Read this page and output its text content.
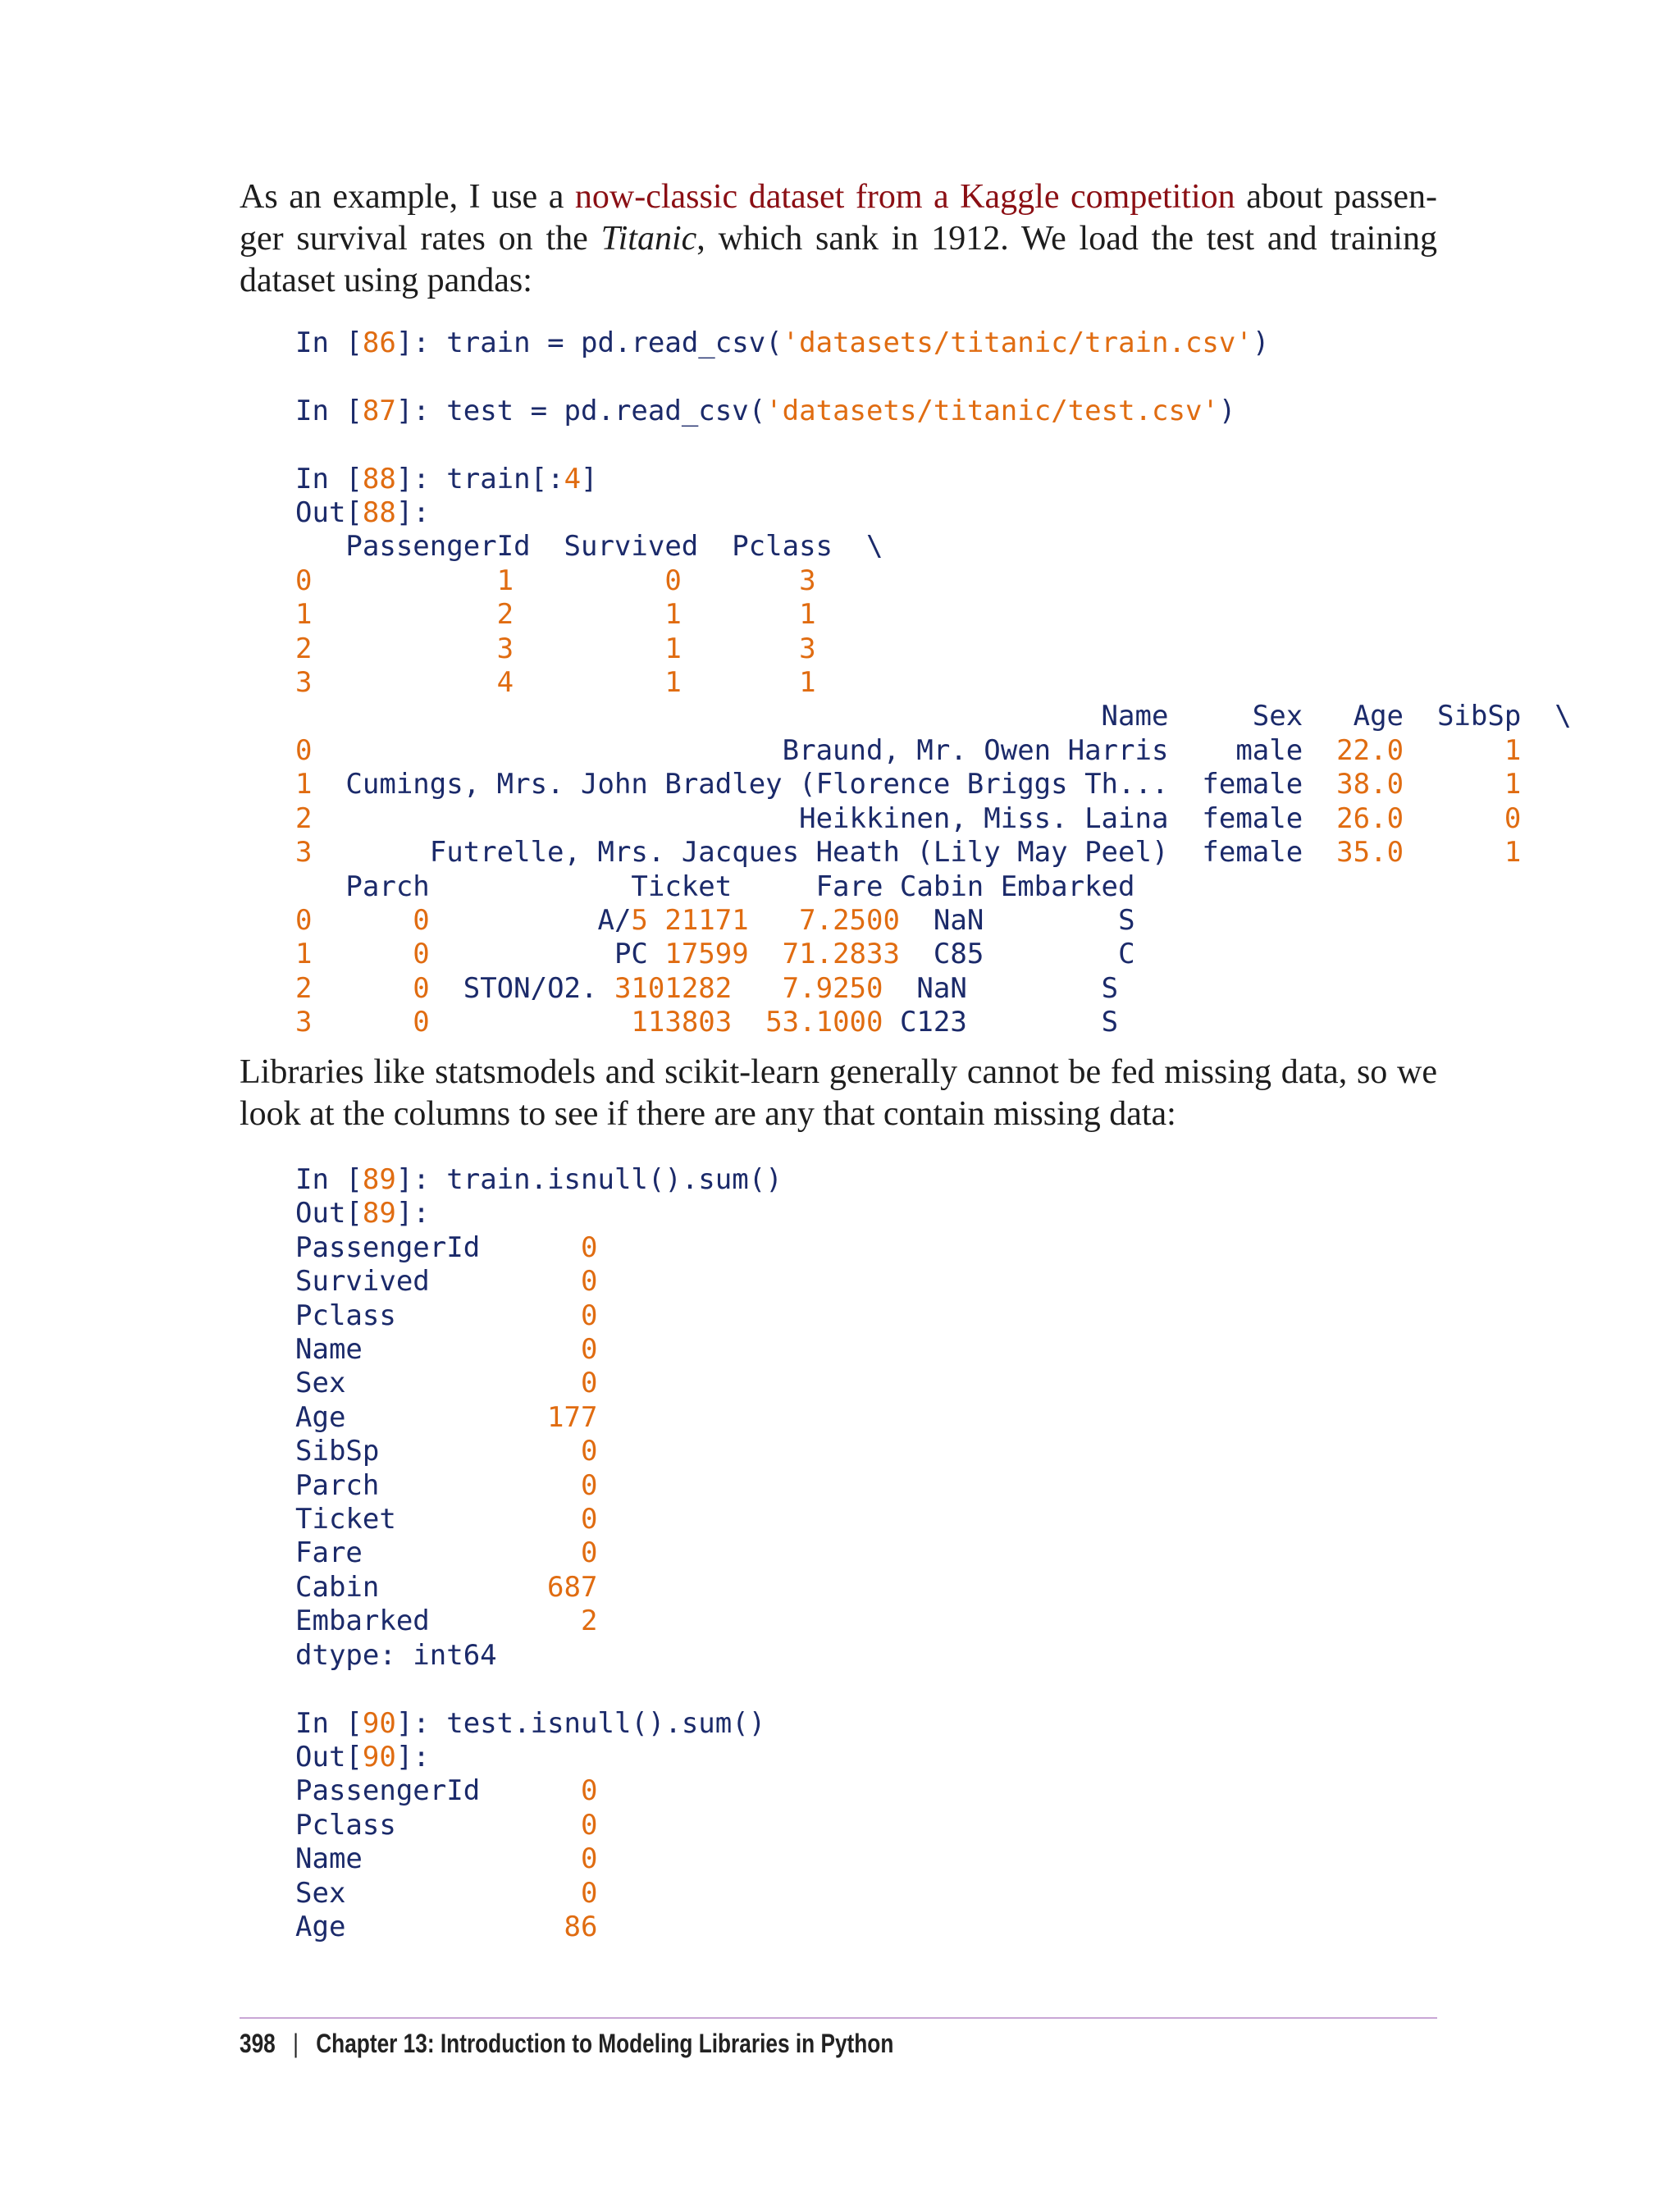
As an example, I use a now-classic dataset from a Kaggle competition about passen-
ger survival rates on the Titanic, which sank in 1912. We load the test and training
dataset using pandas:

In [86]: train = pd.read_csv('datasets/titanic/train.csv')

In [87]: test = pd.read_csv('datasets/titanic/test.csv')

In [88]: train[:4]
Out[88]:
PassengerId  Survived  Pclass  \
0           1         0       3
1           2         1       1
2           3         1       3
3           4         1       1
Name     Sex   Age  SibSp  \
0                            Braund, Mr. Owen Harris    male  22.0      1
1  Cumings, Mrs. John Bradley (Florence Briggs Th...  female  38.0      1
2                             Heikkinen, Miss. Laina  female  26.0      0
3       Futrelle, Mrs. Jacques Heath (Lily May Peel)  female  35.0      1
Parch            Ticket     Fare Cabin Embarked
0      0          A/5 21171   7.2500  NaN        S
1      0           PC 17599  71.2833  C85        C
2      0  STON/O2. 3101282   7.9250  NaN        S
3      0	113803  53.1000 C123        S

Libraries like statsmodels and scikit-learn generally cannot be fed missing data, so we
look at the columns to see if there are any that contain missing data:

In [89]: train.isnull().sum()
Out[89]:
PassengerId      0
Survived         0
Pclass           0
Name             0
Sex              0
Age            177
SibSp            0
Parch            0
Ticket           0
Fare             0
Cabin          687
Embarked         2
dtype: int64

In [90]: test.isnull().sum()
Out[90]:
PassengerId      0
Pclass           0
Name             0
Sex              0
Age             86

398 | Chapter 13: Introduction to Modeling Libraries in Python
